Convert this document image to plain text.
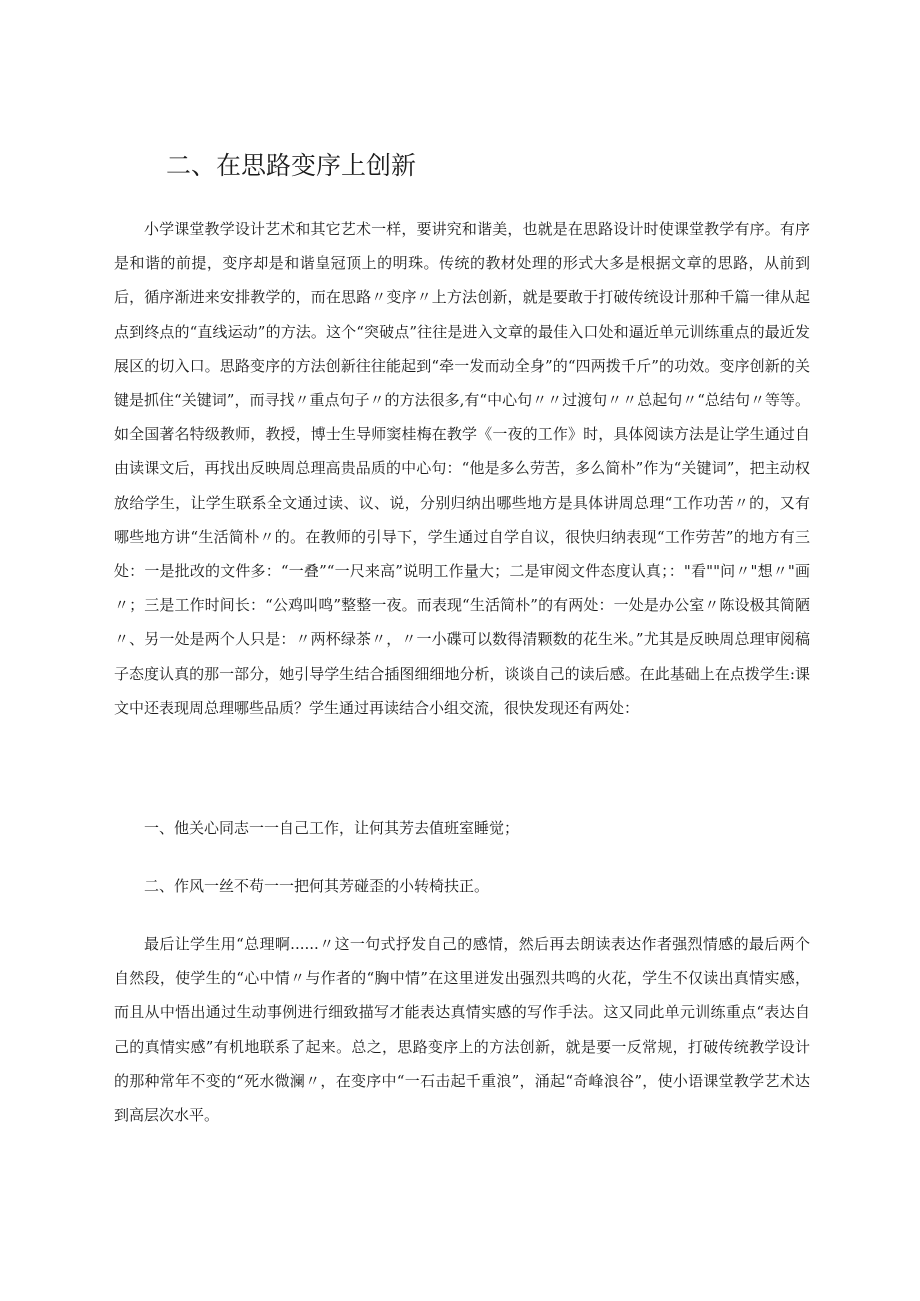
二、在思路变序上创新

小学课堂教学设计艺术和其它艺术一样，要讲究和谐美，也就是在思路设计时使课堂教学有序。有序是和谐的前提，变序却是和谐皇冠顶上的明珠。传统的教材处理的形式大多是根据文章的思路，从前到后，循序渐进来安排教学的，而在思路〃变序〃上方法创新，就是要敢于打破传统设计那种千篇一律从起点到终点的“直线运动”的方法。这个“突破点”往往是进入文章的最佳入口处和逼近单元训练重点的最近发展区的切入口。思路变序的方法创新往往能起到“牵一发而动全身”的“四两拨千斤”的功效。变序创新的关键是抓住“关键词”，而寻找〃重点句子〃的方法很多,有“中心句〃〃过渡句〃〃总起句〃“总结句〃等等。如全国著名特级教师，教授，博士生导师窦桂梅在教学《一夜的工作》时，具体阅读方法是让学生通过自由读课文后，再找出反映周总理高贵品质的中心句：“他是多么劳苦，多么简朴”作为“关键词”，把主动权放给学生，让学生联系全文通过读、议、说，分别归纳出哪些地方是具体讲周总理“工作功苦〃的，又有哪些地方讲“生活简朴〃的。在教师的引导下，学生通过自学自议，很快归纳表现“工作劳苦”的地方有三处：一是批改的文件多：“一叠”“一尺来高”说明工作量大；二是审阅文件态度认真；："看""问〃"想〃"画〃；三是工作时间长：“公鸡叫鸣”整整一夜。而表现“生活简朴”的有两处：一处是办公室〃陈设极其简陋〃、另一处是两个人只是：〃两杯绿茶〃，〃一小碟可以数得清颗数的花生米。”尤其是反映周总理审阅稿子态度认真的那一部分，她引导学生结合插图细细地分析，谈谈自己的读后感。在此基础上在点拨学生:课文中还表现周总理哪些品质？学生通过再读结合小组交流，很快发现还有两处：

一、他关心同志一一自己工作，让何其芳去值班室睡觉；

二、作风一丝不苟一一把何其芳碰歪的小转椅扶正。

最后让学生用“总理啊......〃这一句式抒发自己的感情，然后再去朗读表达作者强烈情感的最后两个自然段，使学生的“心中情〃与作者的“胸中情”在这里迸发出强烈共鸣的火花，学生不仅读出真情实感，而且从中悟出通过生动事例进行细致描写才能表达真情实感的写作手法。这又同此单元训练重点“表达自己的真情实感”有机地联系了起来。总之，思路变序上的方法创新，就是要一反常规，打破传统教学设计的那种常年不变的“死水微澜〃，在变序中“一石击起千重浪”，涌起“奇峰浪谷”，使小语课堂教学艺术达到高层次水平。
